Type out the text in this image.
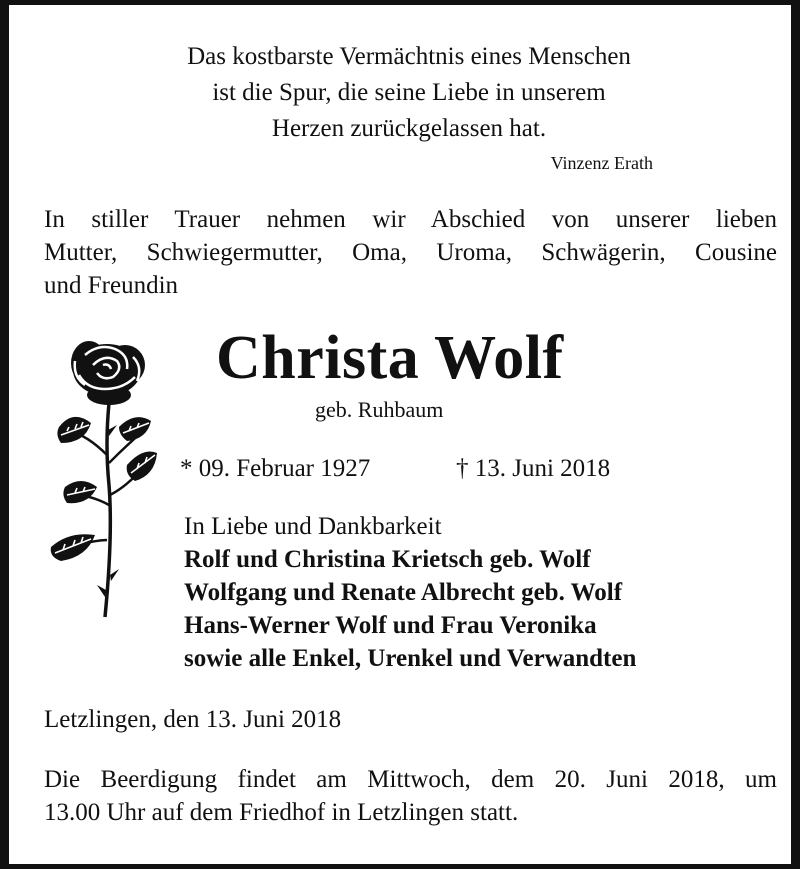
Das kostbarste Vermächtnis eines Menschen
ist die Spur, die seine Liebe in unserem
Herzen zurückgelassen hat.
Vinzenz Erath
In stiller Trauer nehmen wir Abschied von unserer lieben
Mutter, Schwiegermutter, Oma, Uroma, Schwägerin, Cousine
und Freundin
Christa Wolf
geb. Ruhbaum
* 09. Februar 1927	† 13. Juni 2018
In Liebe und Dankbarkeit
Rolf und Christina Krietsch geb. Wolf
Wolfgang und Renate Albrecht geb. Wolf
Hans-Werner Wolf und Frau Veronika
sowie alle Enkel, Urenkel und Verwandten
Letzlingen, den 13. Juni 2018
Die Beerdigung findet am Mittwoch, dem 20. Juni 2018, um
13.00 Uhr auf dem Friedhof in Letzlingen statt.
